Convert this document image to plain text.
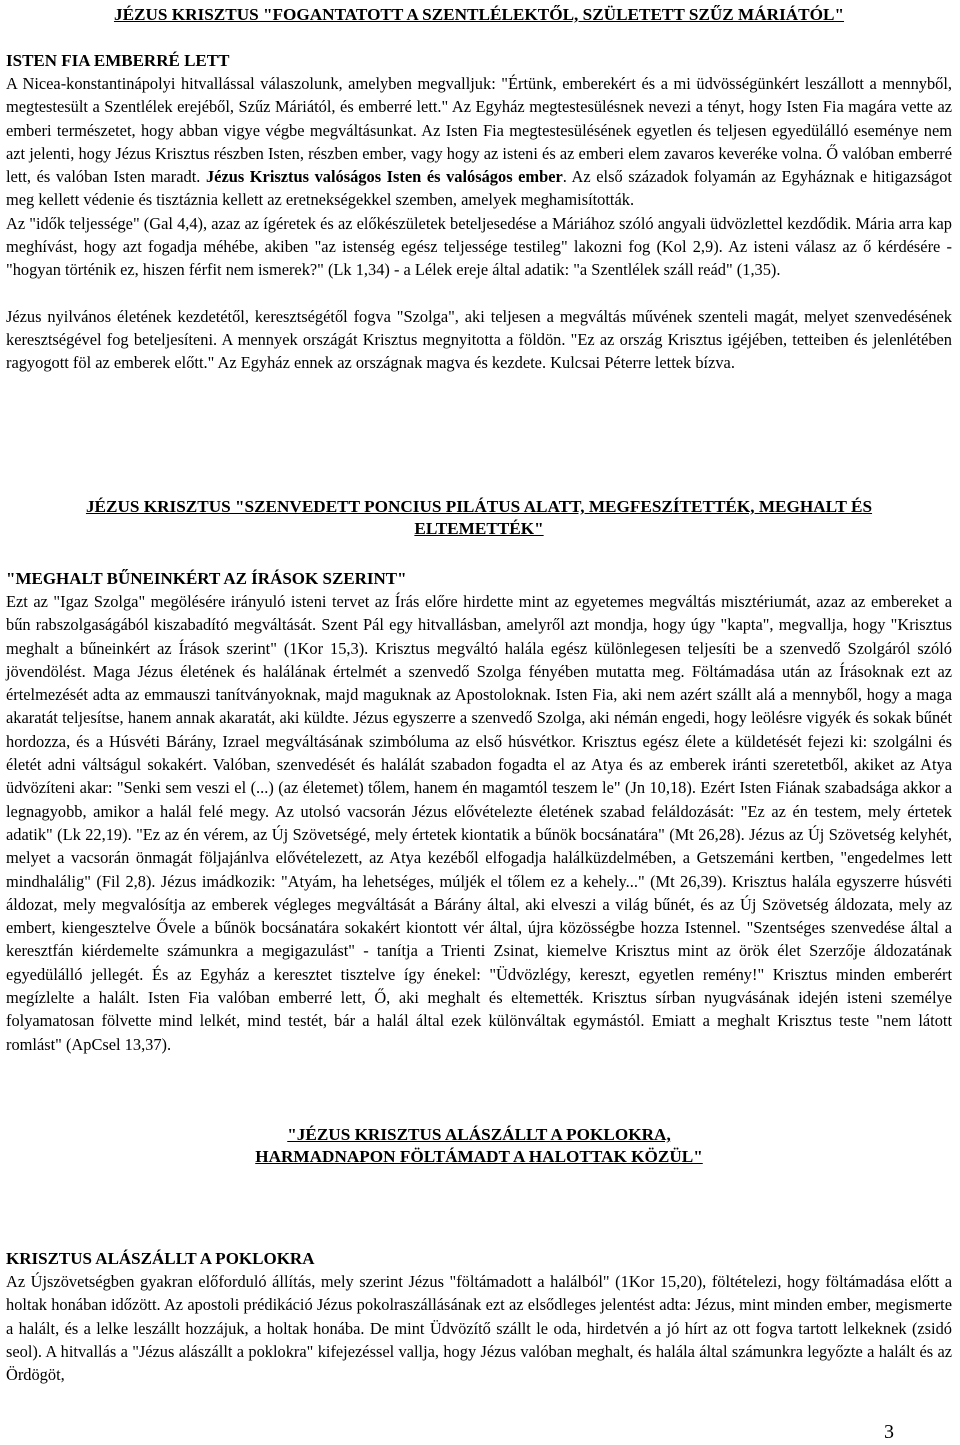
JÉZUS KRISZTUS "FOGANTATOTT A SZENTLÉLEKTŐL, SZÜLETETT SZŰZ MÁRIÁTÓL"
ISTEN FIA EMBERRÉ LETT

A Nicea-konstantinápolyi hitvallással válaszolunk, amelyben megvalljuk: "Értünk, emberekért és a mi üdvösségünkért leszállott a mennyből, megtestesült a Szentlélek erejéből, Szűz Máriától, és emberré lett." Az Egyház megtestesülésnek nevezi a tényt, hogy Isten Fia magára vette az emberi természetet, hogy abban vigye végbe megváltásunkat. Az Isten Fia megtestesülésének egyetlen és teljesen egyedülálló eseménye nem azt jelenti, hogy Jézus Krisztus részben Isten, részben ember, vagy hogy az isteni és az emberi elem zavaros keveréke volna. Ő valóban emberré lett, és valóban Isten maradt. Jézus Krisztus valóságos Isten és valóságos ember. Az első századok folyamán az Egyháznak e hitigazságot meg kellett védenie és tisztáznia kellett az eretnekségekkel szemben, amelyek meghamisították.

Az "idők teljessége" (Gal 4,4), azaz az ígéretek és az előkészületek beteljesedése a Máriához szóló angyali üdvözlettel kezdődik. Mária arra kap meghívást, hogy azt fogadja méhébe, akiben "az istenség egész teljessége testileg" lakozni fog (Kol 2,9). Az isteni válasz az ő kérdésére - "hogyan történik ez, hiszen férfit nem ismerek?" (Lk 1,34) - a Lélek ereje által adatik: "a Szentlélek száll reád" (1,35).

Jézus nyilvános életének kezdetétől, keresztségétől fogva "Szolga", aki teljesen a megváltás művének szenteli magát, melyet szenvedésének keresztségével fog beteljesíteni. A mennyek országát Krisztus megnyitotta a földön. "Ez az ország Krisztus igéjében, tetteiben és jelenlétében ragyogott föl az emberek előtt." Az Egyház ennek az országnak magva és kezdete. Kulcsai Péterre lettek bízva.

JÉZUS KRISZTUS "SZENVEDETT PONCIUS PILÁTUS ALATT, MEGFESZÍTETTÉK, MEGHALT ÉS
ELTEMETTÉK"
"MEGHALT BŰNEINKÉRT AZ ÍRÁSOK SZERINT"

Ezt az "Igaz Szolga" megölésére irányuló isteni tervet az Írás előre hirdette mint az egyetemes megváltás misztériumát, azaz az embereket a bűn rabszolgaságából kiszabadító megváltását. Szent Pál egy hitvallásban, amelyről azt mondja, hogy úgy "kapta", megvallja, hogy "Krisztus meghalt a bűneinkért az Írások szerint" (1Kor 15,3). Krisztus megváltó halála egész különlegesen teljesíti be a szenvedő Szolgáról szóló jövendölést. Maga Jézus életének és halálának értelmét a szenvedő Szolga fényében mutatta meg. Föltámadása után az Írásoknak ezt az értelmezését adta az emmauszi tanítványoknak, majd maguknak az Apostoloknak. Isten Fia, aki nem azért szállt alá a mennyből, hogy a maga akaratát teljesítse, hanem annak akaratát, aki küldte. Jézus egyszerre a szenvedő Szolga, aki némán engedi, hogy leölésre vigyék és sokak bűnét hordozza, és a Húsvéti Bárány, Izrael megváltásának szimbóluma az első húsvétkor. Krisztus egész élete a küldetését fejezi ki: szolgálni és életét adni váltságul sokakért. Valóban, szenvedését és halálát szabadon fogadta el az Atya és az emberek iránti szeretetből, akiket az Atya üdvözíteni akar: "Senki sem veszi el (...) (az életemet) tőlem, hanem én magamtól teszem le" (Jn 10,18). Ezért Isten Fiának szabadsága akkor a legnagyobb, amikor a halál felé megy. Az utolsó vacsorán Jézus elővételezte életének szabad feláldozását: "Ez az én testem, mely értetek adatik" (Lk 22,19). "Ez az én vérem, az Új Szövetségé, mely értetek kiontatik a bűnök bocsánatára" (Mt 26,28). Jézus az Új Szövetség kelyhét, melyet a vacsorán önmagát följajánlva elővételezett, az Atya kezéből elfogadja halálküzdelmében, a Getszemáni kertben, "engedelmes lett mindhalálig" (Fil 2,8). Jézus imádkozik: "Atyám, ha lehetséges, múljék el tőlem ez a kehely..." (Mt 26,39). Krisztus halála egyszerre húsvéti áldozat, mely megvalósítja az emberek végleges megváltását a Bárány által, aki elveszi a világ bűnét, és az Új Szövetség áldozata, mely az embert, kiengesztelve Ővele a bűnök bocsánatára sokakért kiontott vér által, újra közösségbe hozza Istennel. "Szentséges szenvedése által a keresztfán kiérdemelte számunkra a megigazulást" - tanítja a Trienti Zsinat, kiemelve Krisztus mint az örök élet Szerzője áldozatának egyedülálló jellegét. És az Egyház a keresztet tisztelve így énekel: "Üdvözlégy, kereszt, egyetlen remény!" Krisztus minden emberért megízlelte a halált. Isten Fia valóban emberré lett, Ő, aki meghalt és eltemették. Krisztus sírban nyugvásának idején isteni személye folyamatosan fölvette mind lelkét, mind testét, bár a halál által ezek különváltak egymástól. Emiatt a meghalt Krisztus teste "nem látott romlást" (ApCsel 13,37).

"JÉZUS KRISZTUS ALÁSZÁLLT A POKLOKRA,
HARMADNAPON FÖLTÁMADT A HALOTTAK KÖZÜL"
KRISZTUS ALÁSZÁLLT A POKLOKRA

Az Újszövetségben gyakran előforduló állítás, mely szerint Jézus "föltámadott a halálból" (1Kor 15,20), föltételezi, hogy föltámadása előtt a holtak honában időzött. Az apostoli prédikáció Jézus pokolraszállásának ezt az elsődleges jelentést adta: Jézus, mint minden ember, megismerte a halált, és a lelke leszállt hozzájuk, a holtak honába. De mint Üdvözítő szállt le oda, hirdetvén a jó hírt az ott fogva tartott lelkeknek (zsidó seol). A hitvallás a "Jézus alászállt a poklokra" kifejezéssel vallja, hogy Jézus valóban meghalt, és halála által számunkra legyőzte a halált és az Ördögöt,

3
